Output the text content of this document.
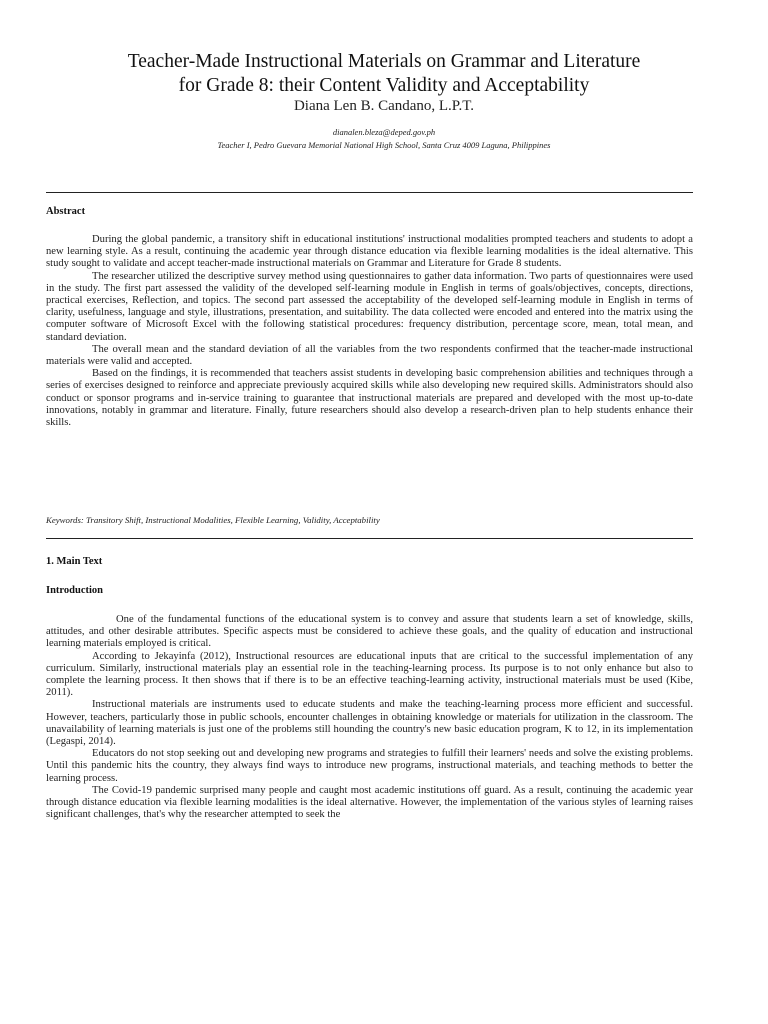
Teacher-Made Instructional Materials on Grammar and Literature
for Grade 8: their Content Validity and Acceptability
Diana Len B. Candano, L.P.T.
dianalen.bleza@deped.gov.ph
Teacher I, Pedro Guevara Memorial National High School, Santa Cruz 4009 Laguna, Philippines
Abstract

During the global pandemic, a transitory shift in educational institutions' instructional modalities prompted teachers and students to adopt a new learning style. As a result, continuing the academic year through distance education via flexible learning modalities is the ideal alternative. This study sought to validate and accept teacher-made instructional materials on Grammar and Literature for Grade 8 students.

The researcher utilized the descriptive survey method using questionnaires to gather data information. Two parts of questionnaires were used in the study. The first part assessed the validity of the developed self-learning module in English in terms of goals/objectives, concepts, directions, practical exercises, Reflection, and topics. The second part assessed the acceptability of the developed self-learning module in English in terms of clarity, usefulness, language and style, illustrations, presentation, and suitability. The data collected were encoded and entered into the matrix using the computer software of Microsoft Excel with the following statistical procedures: frequency distribution, percentage score, mean, total mean, and standard deviation.

The overall mean and the standard deviation of all the variables from the two respondents confirmed that the teacher-made instructional materials were valid and accepted.

Based on the findings, it is recommended that teachers assist students in developing basic comprehension abilities and techniques through a series of exercises designed to reinforce and appreciate previously acquired skills while also developing new required skills. Administrators should also conduct or sponsor programs and in-service training to guarantee that instructional materials are prepared and developed with the most up-to-date innovations, notably in grammar and literature. Finally, future researchers should also develop a research-driven plan to help students enhance their skills.

Keywords: Transitory Shift, Instructional Modalities, Flexible Learning, Validity, Acceptability
1. Main Text
Introduction

One of the fundamental functions of the educational system is to convey and assure that students learn a set of knowledge, skills, attitudes, and other desirable attributes. Specific aspects must be considered to achieve these goals, and the quality of education and instructional learning materials employed is critical.

According to Jekayinfa (2012), Instructional resources are educational inputs that are critical to the successful implementation of any curriculum. Similarly, instructional materials play an essential role in the teaching-learning process. Its purpose is to not only enhance but also to complete the learning process. It then shows that if there is to be an effective teaching-learning activity, instructional materials must be used (Kibe, 2011).

Instructional materials are instruments used to educate students and make the teaching-learning process more efficient and successful. However, teachers, particularly those in public schools, encounter challenges in obtaining knowledge or materials for utilization in the classroom. The unavailability of learning materials is just one of the problems still hounding the country's new basic education program, K to 12, in its implementation (Legaspi, 2014).

Educators do not stop seeking out and developing new programs and strategies to fulfill their learners' needs and solve the existing problems. Until this pandemic hits the country, they always find ways to introduce new programs, instructional materials, and teaching methods to better the learning process.

The Covid-19 pandemic surprised many people and caught most academic institutions off guard. As a result, continuing the academic year through distance education via flexible learning modalities is the ideal alternative. However, the implementation of the various styles of learning raises significant challenges, that's why the researcher attempted to seek the
